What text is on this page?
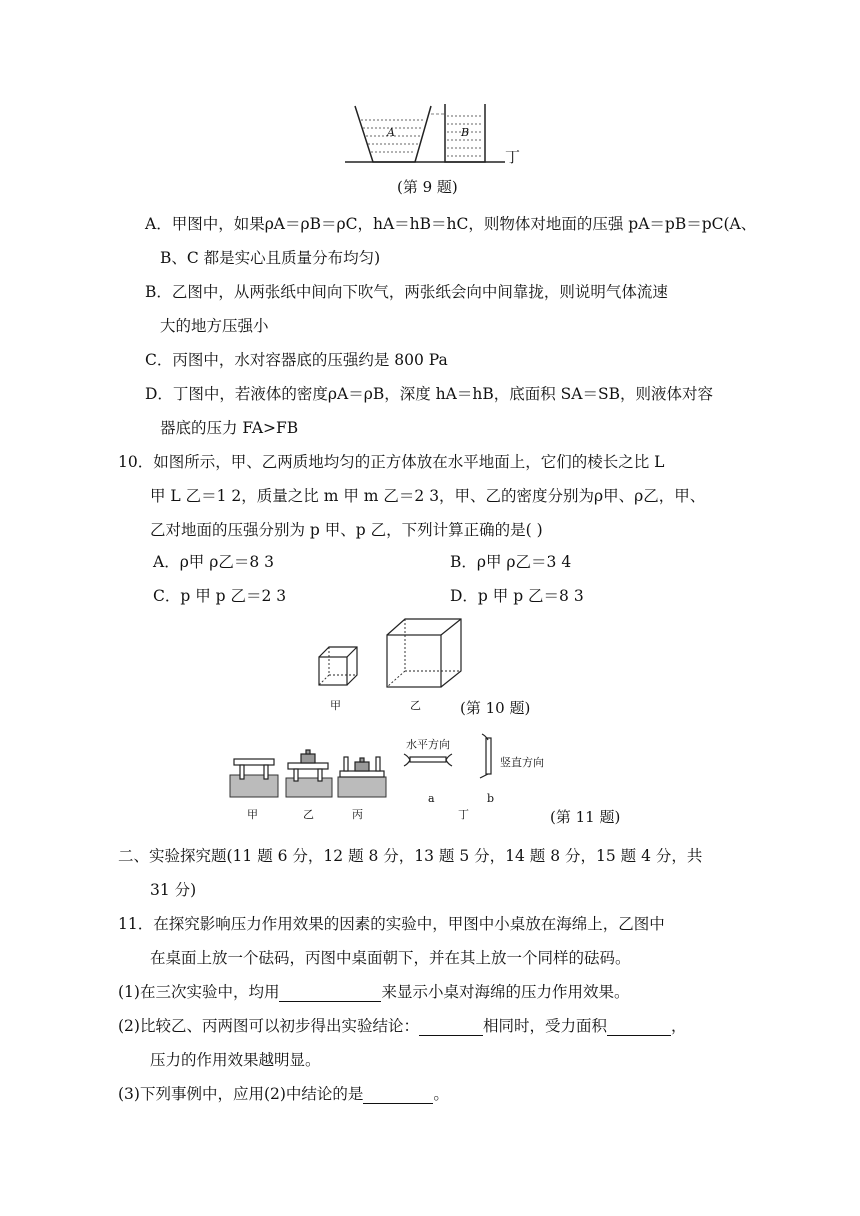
A	B
丁
(第 9 题)
A．甲图中，如果ρA＝ρB＝ρC，hA＝hB＝hC，则物体对地面的压强 pA＝pB＝pC(A、
B、C 都是实心且质量分布均匀)
B．乙图中，从两张纸中间向下吹气，两张纸会向中间靠拢，则说明气体流速
大的地方压强小
C．丙图中，水对容器底的压强约是 800 Pa
D．丁图中，若液体的密度ρA＝ρB，深度 hA＝hB，底面积 SA＝SB，则液体对容
器底的压力 FA>FB
10．如图所示，甲、乙两质地均匀的正方体放在水平地面上，它们的棱长之比 L
甲 L 乙＝1 2，质量之比 m 甲 m 乙＝2 3，甲、乙的密度分别为ρ甲、ρ乙，甲、
乙对地面的压强分别为 p 甲、p 乙，下列计算正确的是( )
A．ρ甲 ρ乙＝8 3	B．ρ甲 ρ乙＝3 4
C．p 甲 p 乙＝2 3	D．p 甲 p 乙＝8 3
甲	乙	(第 10 题)
甲	乙	丙
水平方向
竖直方向
a	b
丁	(第 11 题)
二、实验探究题(11 题 6 分，12 题 8 分，13 题 5 分，14 题 8 分，15 题 4 分，共
31 分)
11．在探究影响压力作用效果的因素的实验中，甲图中小桌放在海绵上，乙图中
在桌面上放一个砝码，丙图中桌面朝下，并在其上放一个同样的砝码。
(1)在三次实验中，均用	来显示小桌对海绵的压力作用效果。
(2)比较乙、丙两图可以初步得出实验结论：	相同时，受力面积	，
压力的作用效果越明显。
(3)下列事例中，应用(2)中结论的是	。
